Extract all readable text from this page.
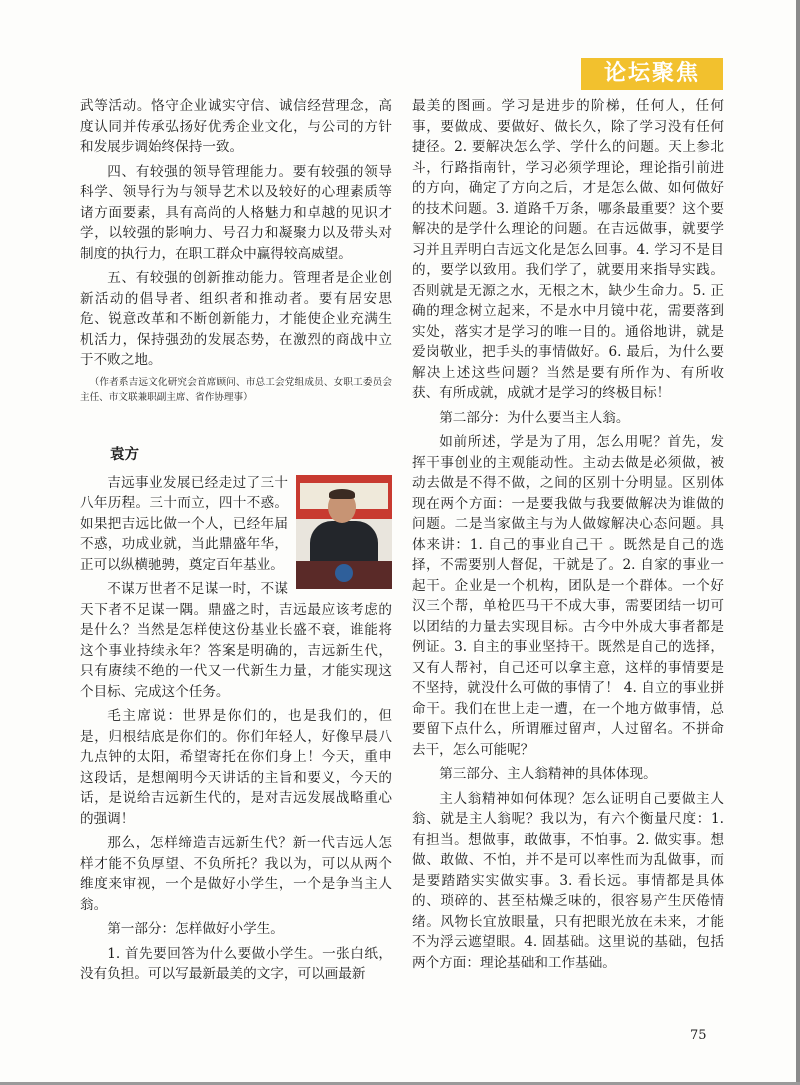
论坛聚焦

武等活动。恪守企业诚实守信、诚信经营理念，高度认同并传承弘扬好优秀企业文化，与公司的方针和发展步调始终保持一致。

四、有较强的领导管理能力。要有较强的领导科学、领导行为与领导艺术以及较好的心理素质等诸方面要素，具有高尚的人格魅力和卓越的见识才学，以较强的影响力、号召力和凝聚力以及带头对制度的执行力，在职工群众中赢得较高威望。

五、有较强的创新推动能力。管理者是企业创新活动的倡导者、组织者和推动者。要有居安思危、锐意改革和不断创新能力，才能使企业充满生机活力，保持强劲的发展态势，在激烈的商战中立于不败之地。

（作者系吉远文化研究会首席顾问、市总工会党组成员、女职工委员会主任、市文联兼职副主席、省作协理事）

袁方

吉远事业发展已经走过了三十八年历程。三十而立，四十不惑。如果把吉远比做一个人，已经年届不惑，功成业就，当此鼎盛年华，正可以纵横驰骋，奠定百年基业。

不谋万世者不足谋一时，不谋天下者不足谋一隅。鼎盛之时，吉远最应该考虑的是什么？当然是怎样使这份基业长盛不衰，谁能将这个事业持续永年？答案是明确的，吉远新生代，只有赓续不绝的一代又一代新生力量，才能实现这个目标、完成这个任务。

毛主席说：世界是你们的，也是我们的，但是，归根结底是你们的。你们年轻人，好像早晨八九点钟的太阳，希望寄托在你们身上！今天，重申这段话，是想阐明今天讲话的主旨和要义，今天的话，是说给吉远新生代的，是对吉远发展战略重心的强调！

那么，怎样缔造吉远新生代？新一代吉远人怎样才能不负厚望、不负所托？我以为，可以从两个维度来审视，一个是做好小学生，一个是争当主人翁。

第一部分：怎样做好小学生。

1. 首先要回答为什么要做小学生。一张白纸，没有负担。可以写最新最美的文字，可以画最新

最美的图画。学习是进步的阶梯，任何人，任何事，要做成、要做好、做长久，除了学习没有任何捷径。2. 要解决怎么学、学什么的问题。天上参北斗，行路指南针，学习必须学理论，理论指引前进的方向，确定了方向之后，才是怎么做、如何做好的技术问题。3. 道路千万条，哪条最重要？这个要解决的是学什么理论的问题。在吉远做事，就要学习并且弄明白吉远文化是怎么回事。4. 学习不是目的，要学以致用。我们学了，就要用来指导实践。否则就是无源之水，无根之木，缺少生命力。5. 正确的理念树立起来，不是水中月镜中花，需要落到实处，落实才是学习的唯一目的。通俗地讲，就是爱岗敬业，把手头的事情做好。6. 最后，为什么要解决上述这些问题？当然是要有所作为、有所收获、有所成就，成就才是学习的终极目标！

第二部分：为什么要当主人翁。

如前所述，学是为了用，怎么用呢？首先，发挥干事创业的主观能动性。主动去做是必须做，被动去做是不得不做，之间的区别十分明显。区别体现在两个方面：一是要我做与我要做解决为谁做的问题。二是当家做主与为人做嫁解决心态问题。具体来讲：1. 自己的事业自己干 。既然是自己的选择，不需要别人督促，干就是了。2. 自家的事业一起干。企业是一个机构，团队是一个群体。一个好汉三个帮，单枪匹马干不成大事，需要团结一切可以团结的力量去实现目标。古今中外成大事者都是例证。3. 自主的事业坚持干。既然是自己的选择，又有人帮衬，自己还可以拿主意，这样的事情要是不坚持，就没什么可做的事情了！ 4. 自立的事业拼命干。我们在世上走一遭，在一个地方做事情，总要留下点什么，所谓雁过留声，人过留名。不拼命去干，怎么可能呢？

第三部分、主人翁精神的具体体现。

主人翁精神如何体现？怎么证明自己要做主人翁、就是主人翁呢？我以为，有六个衡量尺度：1. 有担当。想做事，敢做事，不怕事。2. 做实事。想做、敢做、不怕，并不是可以率性而为乱做事，而是要踏踏实实做实事。3. 看长远。事情都是具体的、琐碎的、甚至枯燥乏味的，很容易产生厌倦情绪。风物长宜放眼量，只有把眼光放在未来，才能不为浮云遮望眼。4. 固基础。这里说的基础，包括两个方面：理论基础和工作基础。

75
